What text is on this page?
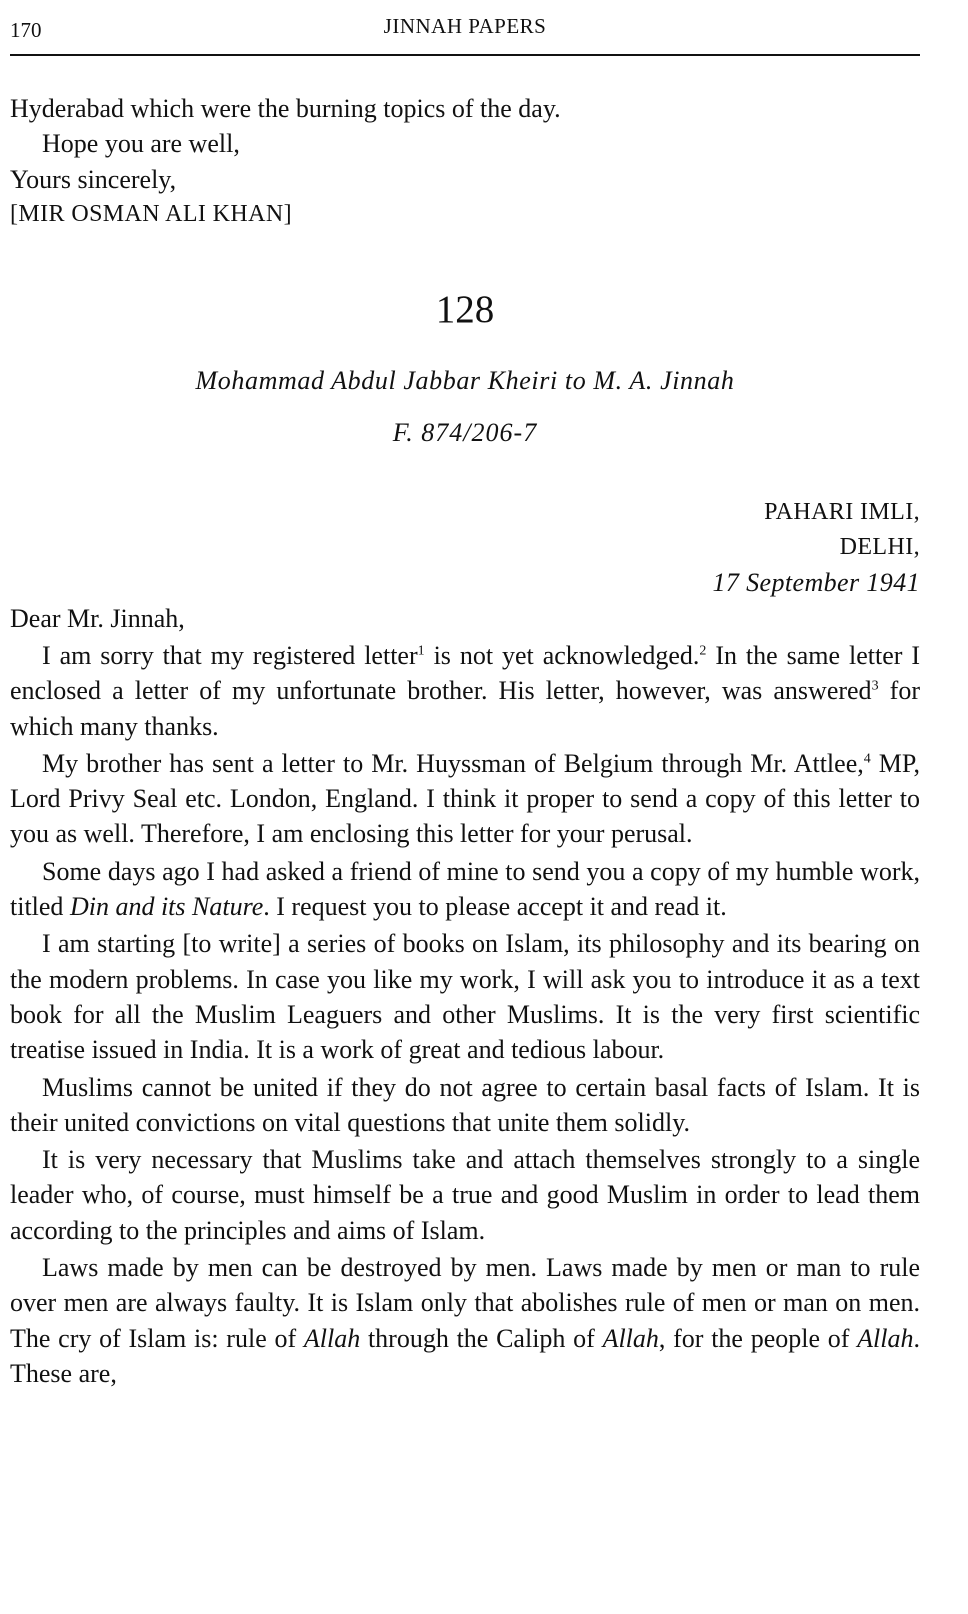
170	JINNAH PAPERS

Hyderabad which were the burning topics of the day.

Hope you are well,

Yours sincerely,

[MIR OSMAN ALI KHAN]

128
Mohammad Abdul Jabbar Kheiri to M. A. Jinnah
F. 874/206-7
PAHARI IMLI,
DELHI,
17 September 1941

Dear Mr. Jinnah,

I am sorry that my registered letter$^1$ is not yet acknowledged.$^2$ In the same letter I enclosed a letter of my unfortunate brother. His letter, however, was answered$^3$ for which many thanks.

My brother has sent a letter to Mr. Huyssman of Belgium through Mr. Attlee,$^4$ MP, Lord Privy Seal etc. London, England. I think it proper to send a copy of this letter to you as well. Therefore, I am enclosing this letter for your perusal.

Some days ago I had asked a friend of mine to send you a copy of my humble work, titled Din and its Nature. I request you to please accept it and read it.

I am starting [to write] a series of books on Islam, its philosophy and its bearing on the modern problems. In case you like my work, I will ask you to introduce it as a text book for all the Muslim Leaguers and other Muslims. It is the very first scientific treatise issued in India. It is a work of great and tedious labour.

Muslims cannot be united if they do not agree to certain basal facts of Islam. It is their united convictions on vital questions that unite them solidly.

It is very necessary that Muslims take and attach themselves strongly to a single leader who, of course, must himself be a true and good Muslim in order to lead them according to the principles and aims of Islam.

Laws made by men can be destroyed by men. Laws made by men or man to rule over men are always faulty. It is Islam only that abolishes rule of men or man on men. The cry of Islam is: rule of Allah through the Caliph of Allah, for the people of Allah. These are,
